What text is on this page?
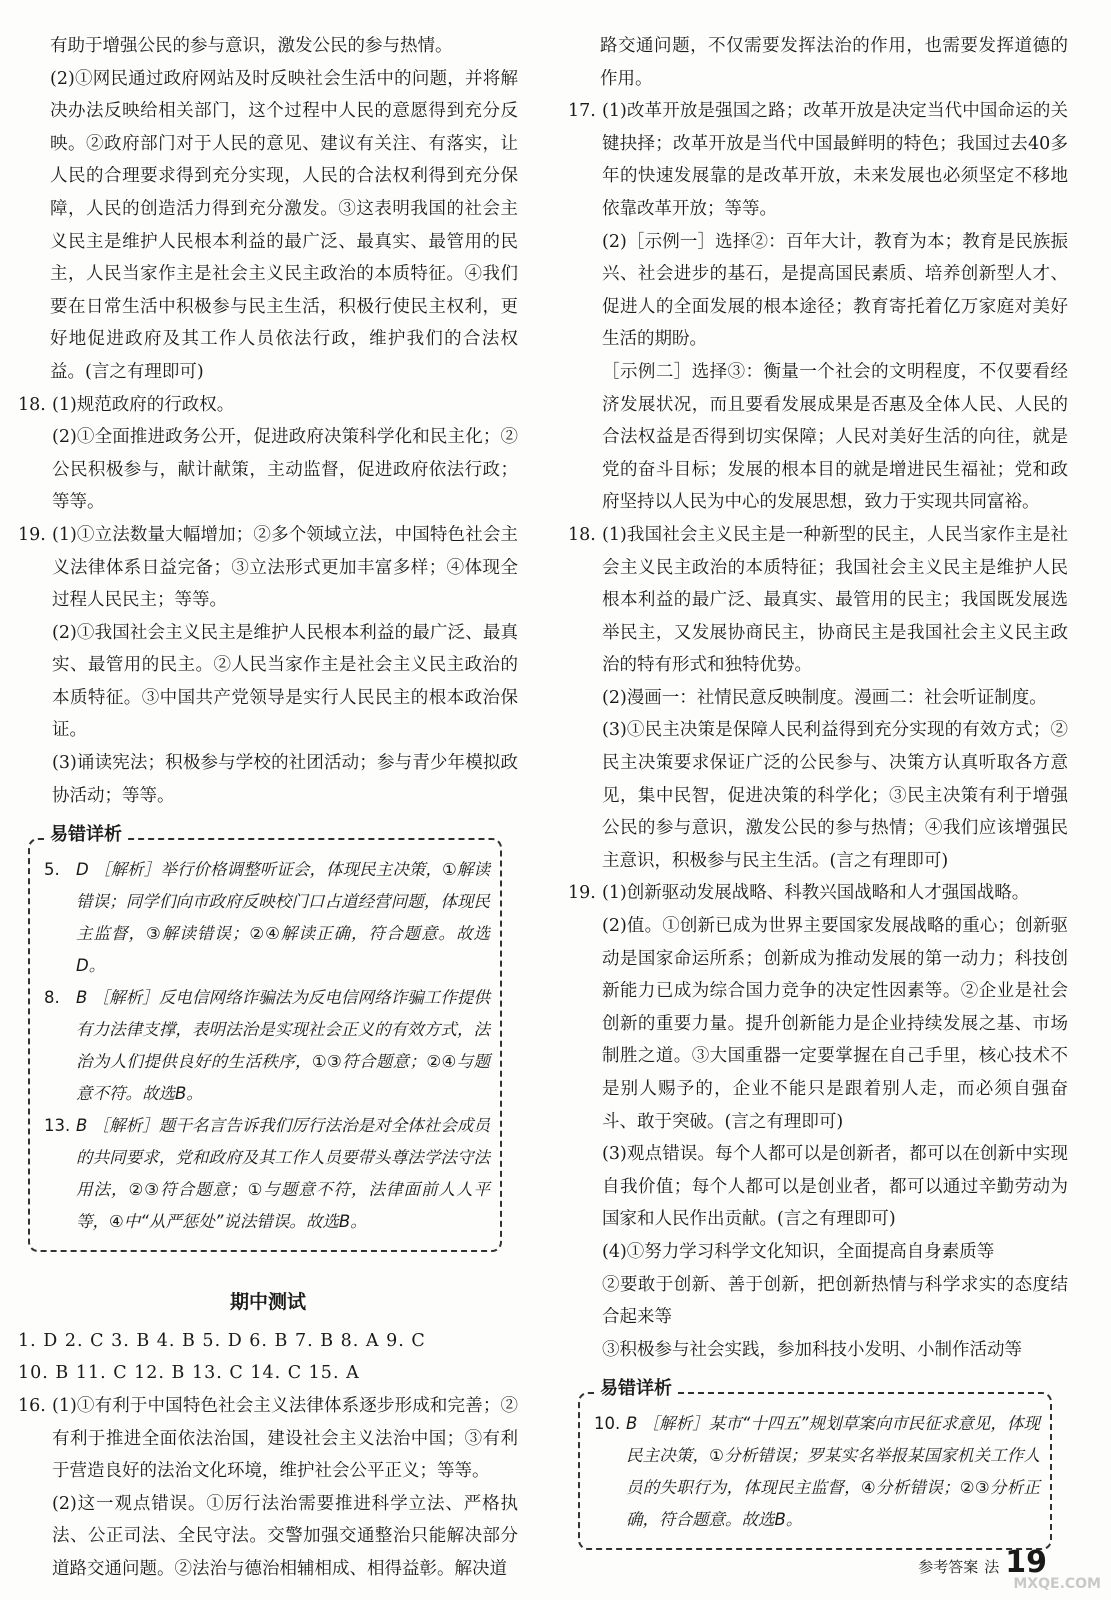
有助于增强公民的参与意识，激发公民的参与热情。

(2)①网民通过政府网站及时反映社会生活中的问题，并将解决办法反映给相关部门，这个过程中人民的意愿得到充分反映。②政府部门对于人民的意见、建议有关注、有落实，让人民的合理要求得到充分实现，人民的合法权利得到充分保障，人民的创造活力得到充分激发。③这表明我国的社会主义民主是维护人民根本利益的最广泛、最真实、最管用的民主，人民当家作主是社会主义民主政治的本质特征。④我们要在日常生活中积极参与民主生活，积极行使民主权利，更好地促进政府及其工作人员依法行政，维护我们的合法权益。(言之有理即可)

18. (1)规范政府的行政权。

(2)①全面推进政务公开，促进政府决策科学化和民主化；②公民积极参与，献计献策，主动监督，促进政府依法行政；等等。

19. (1)①立法数量大幅增加；②多个领域立法，中国特色社会主义法律体系日益完备；③立法形式更加丰富多样；④体现全过程人民民主；等等。

(2)①我国社会主义民主是维护人民根本利益的最广泛、最真实、最管用的民主。②人民当家作主是社会主义民主政治的本质特征。③中国共产党领导是实行人民民主的根本政治保证。

(3)诵读宪法；积极参与学校的社团活动；参与青少年模拟政协活动；等等。

易错详析
5. D ［解析］举行价格调整听证会，体现民主决策，①解读错误；同学们向市政府反映校门口占道经营问题，体现民主监督，③解读错误；②④解读正确，符合题意。故选D。
8. B ［解析］反电信网络诈骗法为反电信网络诈骗工作提供有力法律支撑，表明法治是实现社会正义的有效方式，法治为人们提供良好的生活秩序，①③符合题意；②④与题意不符。故选B。
13. B ［解析］题干名言告诉我们厉行法治是对全体社会成员的共同要求，党和政府及其工作人员要带头尊法学法守法用法，②③符合题意；①与题意不符，法律面前人人平等，④中“从严惩处”说法错误。故选B。
期中测试

1. D 2. C 3. B 4. B 5. D 6. B 7. B 8. A 9. C

10. B 11. C 12. B 13. C 14. C 15. A

16. (1)①有利于中国特色社会主义法律体系逐步形成和完善；②有利于推进全面依法治国，建设社会主义法治中国；③有利于营造良好的法治文化环境，维护社会公平正义；等等。

(2)这一观点错误。①厉行法治需要推进科学立法、严格执法、公正司法、全民守法。交警加强交通整治只能解决部分道路交通问题。②法治与德治相辅相成、相得益彰。解决道

路交通问题，不仅需要发挥法治的作用，也需要发挥道德的作用。

17. (1)改革开放是强国之路；改革开放是决定当代中国命运的关键抉择；改革开放是当代中国最鲜明的特色；我国过去40多年的快速发展靠的是改革开放，未来发展也必须坚定不移地依靠改革开放；等等。

(2)［示例一］选择②：百年大计，教育为本；教育是民族振兴、社会进步的基石，是提高国民素质、培养创新型人才、促进人的全面发展的根本途径；教育寄托着亿万家庭对美好生活的期盼。

［示例二］选择③：衡量一个社会的文明程度，不仅要看经济发展状况，而且要看发展成果是否惠及全体人民、人民的合法权益是否得到切实保障；人民对美好生活的向往，就是党的奋斗目标；发展的根本目的就是增进民生福祉；党和政府坚持以人民为中心的发展思想，致力于实现共同富裕。

18. (1)我国社会主义民主是一种新型的民主，人民当家作主是社会主义民主政治的本质特征；我国社会主义民主是维护人民根本利益的最广泛、最真实、最管用的民主；我国既发展选举民主，又发展协商民主，协商民主是我国社会主义民主政治的特有形式和独特优势。

(2)漫画一：社情民意反映制度。漫画二：社会听证制度。

(3)①民主决策是保障人民利益得到充分实现的有效方式；②民主决策要求保证广泛的公民参与、决策方认真听取各方意见，集中民智，促进决策的科学化；③民主决策有利于增强公民的参与意识，激发公民的参与热情；④我们应该增强民主意识，积极参与民主生活。(言之有理即可)

19. (1)创新驱动发展战略、科教兴国战略和人才强国战略。

(2)值。①创新已成为世界主要国家发展战略的重心；创新驱动是国家命运所系；创新成为推动发展的第一动力；科技创新能力已成为综合国力竞争的决定性因素等。②企业是社会创新的重要力量。提升创新能力是企业持续发展之基、市场制胜之道。③大国重器一定要掌握在自己手里，核心技术不是别人赐予的，企业不能只是跟着别人走，而必须自强奋斗、敢于突破。(言之有理即可)

(3)观点错误。每个人都可以是创新者，都可以在创新中实现自我价值；每个人都可以是创业者，都可以通过辛勤劳动为国家和人民作出贡献。(言之有理即可)

(4)①努力学习科学文化知识，全面提高自身素质等

②要敢于创新、善于创新，把创新热情与科学求实的态度结合起来等

③积极参与社会实践，参加科技小发明、小制作活动等

易错详析
10. B ［解析］某市“十四五”规划草案向市民征求意见，体现民主决策，①分析错误；罗某实名举报某国家机关工作人员的失职行为，体现民主监督，④分析错误；②③分析正确，符合题意。故选B。
参考答案 法 19
MXQE.COM
